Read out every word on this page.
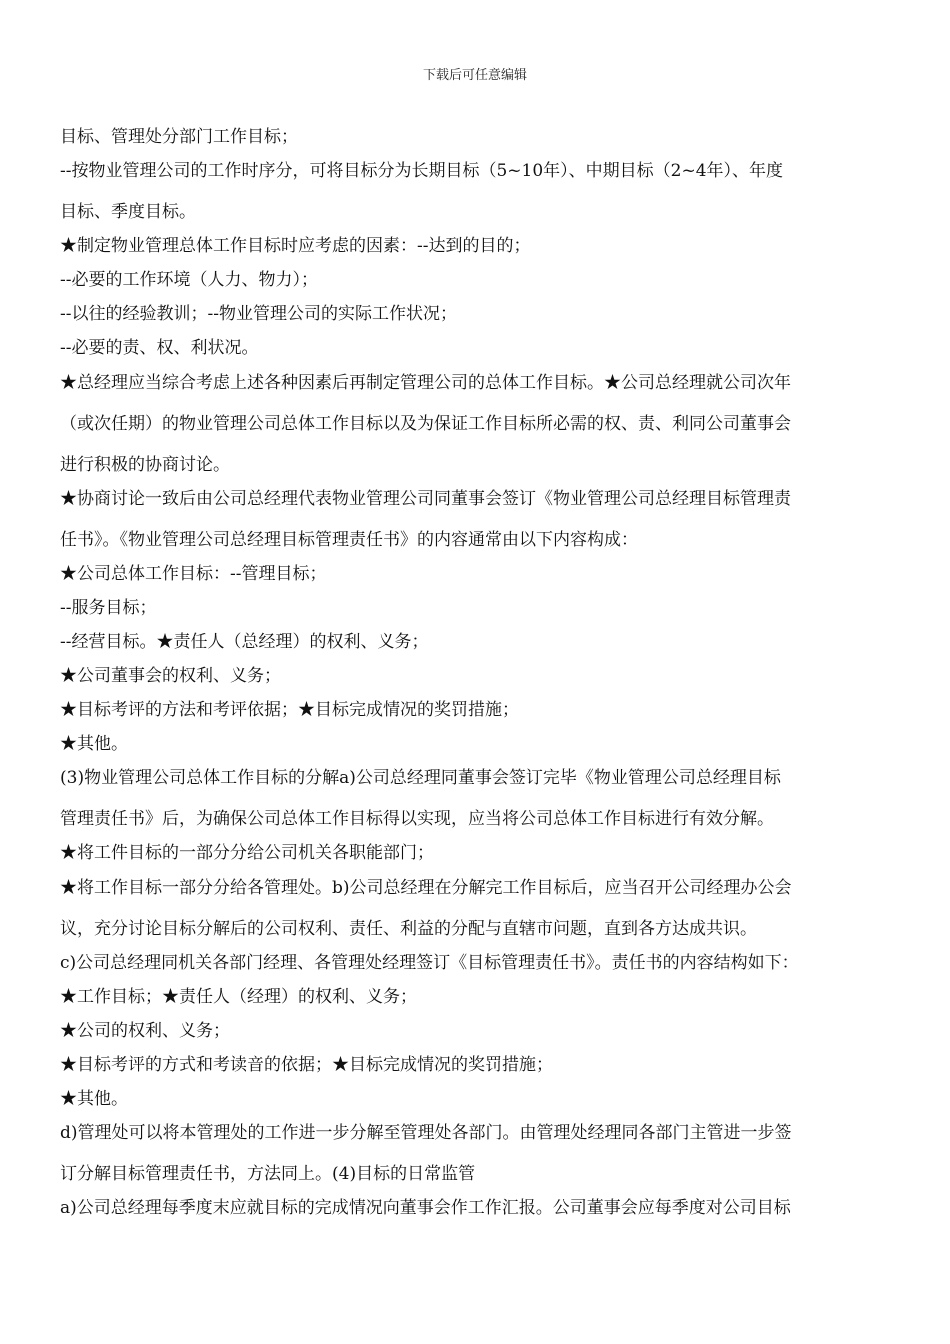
下载后可任意编辑
目标、管理处分部门工作目标；
--按物业管理公司的工作时序分，可将目标分为长期目标（5~10年）、中期目标（2~4年）、年度
目标、季度目标。
★制定物业管理总体工作目标时应考虑的因素：--达到的目的；
--必要的工作环境（人力、物力）；
--以往的经验教训；--物业管理公司的实际工作状况；
--必要的责、权、利状况。
★总经理应当综合考虑上述各种因素后再制定管理公司的总体工作目标。★公司总经理就公司次年
（或次任期）的物业管理公司总体工作目标以及为保证工作目标所必需的权、责、利同公司董事会
进行积极的协商讨论。
★协商讨论一致后由公司总经理代表物业管理公司同董事会签订《物业管理公司总经理目标管理责
任书》。《物业管理公司总经理目标管理责任书》的内容通常由以下内容构成：
★公司总体工作目标：--管理目标；
--服务目标；
--经营目标。★责任人（总经理）的权利、义务；
★公司董事会的权利、义务；
★目标考评的方法和考评依据；★目标完成情况的奖罚措施；
★其他。
(3)物业管理公司总体工作目标的分解a)公司总经理同董事会签订完毕《物业管理公司总经理目标
管理责任书》后，为确保公司总体工作目标得以实现，应当将公司总体工作目标进行有效分解。
★将工件目标的一部分分给公司机关各职能部门；
★将工作目标一部分分给各管理处。b)公司总经理在分解完工作目标后，应当召开公司经理办公会
议，充分讨论目标分解后的公司权利、责任、利益的分配与直辖市问题，直到各方达成共识。
c)公司总经理同机关各部门经理、各管理处经理签订《目标管理责任书》。责任书的内容结构如下：
★工作目标；★责任人（经理）的权利、义务；
★公司的权利、义务；
★目标考评的方式和考读音的依据；★目标完成情况的奖罚措施；
★其他。
d)管理处可以将本管理处的工作进一步分解至管理处各部门。由管理处经理同各部门主管进一步签
订分解目标管理责任书，方法同上。(4)目标的日常监管
a)公司总经理每季度末应就目标的完成情况向董事会作工作汇报。公司董事会应每季度对公司目标
